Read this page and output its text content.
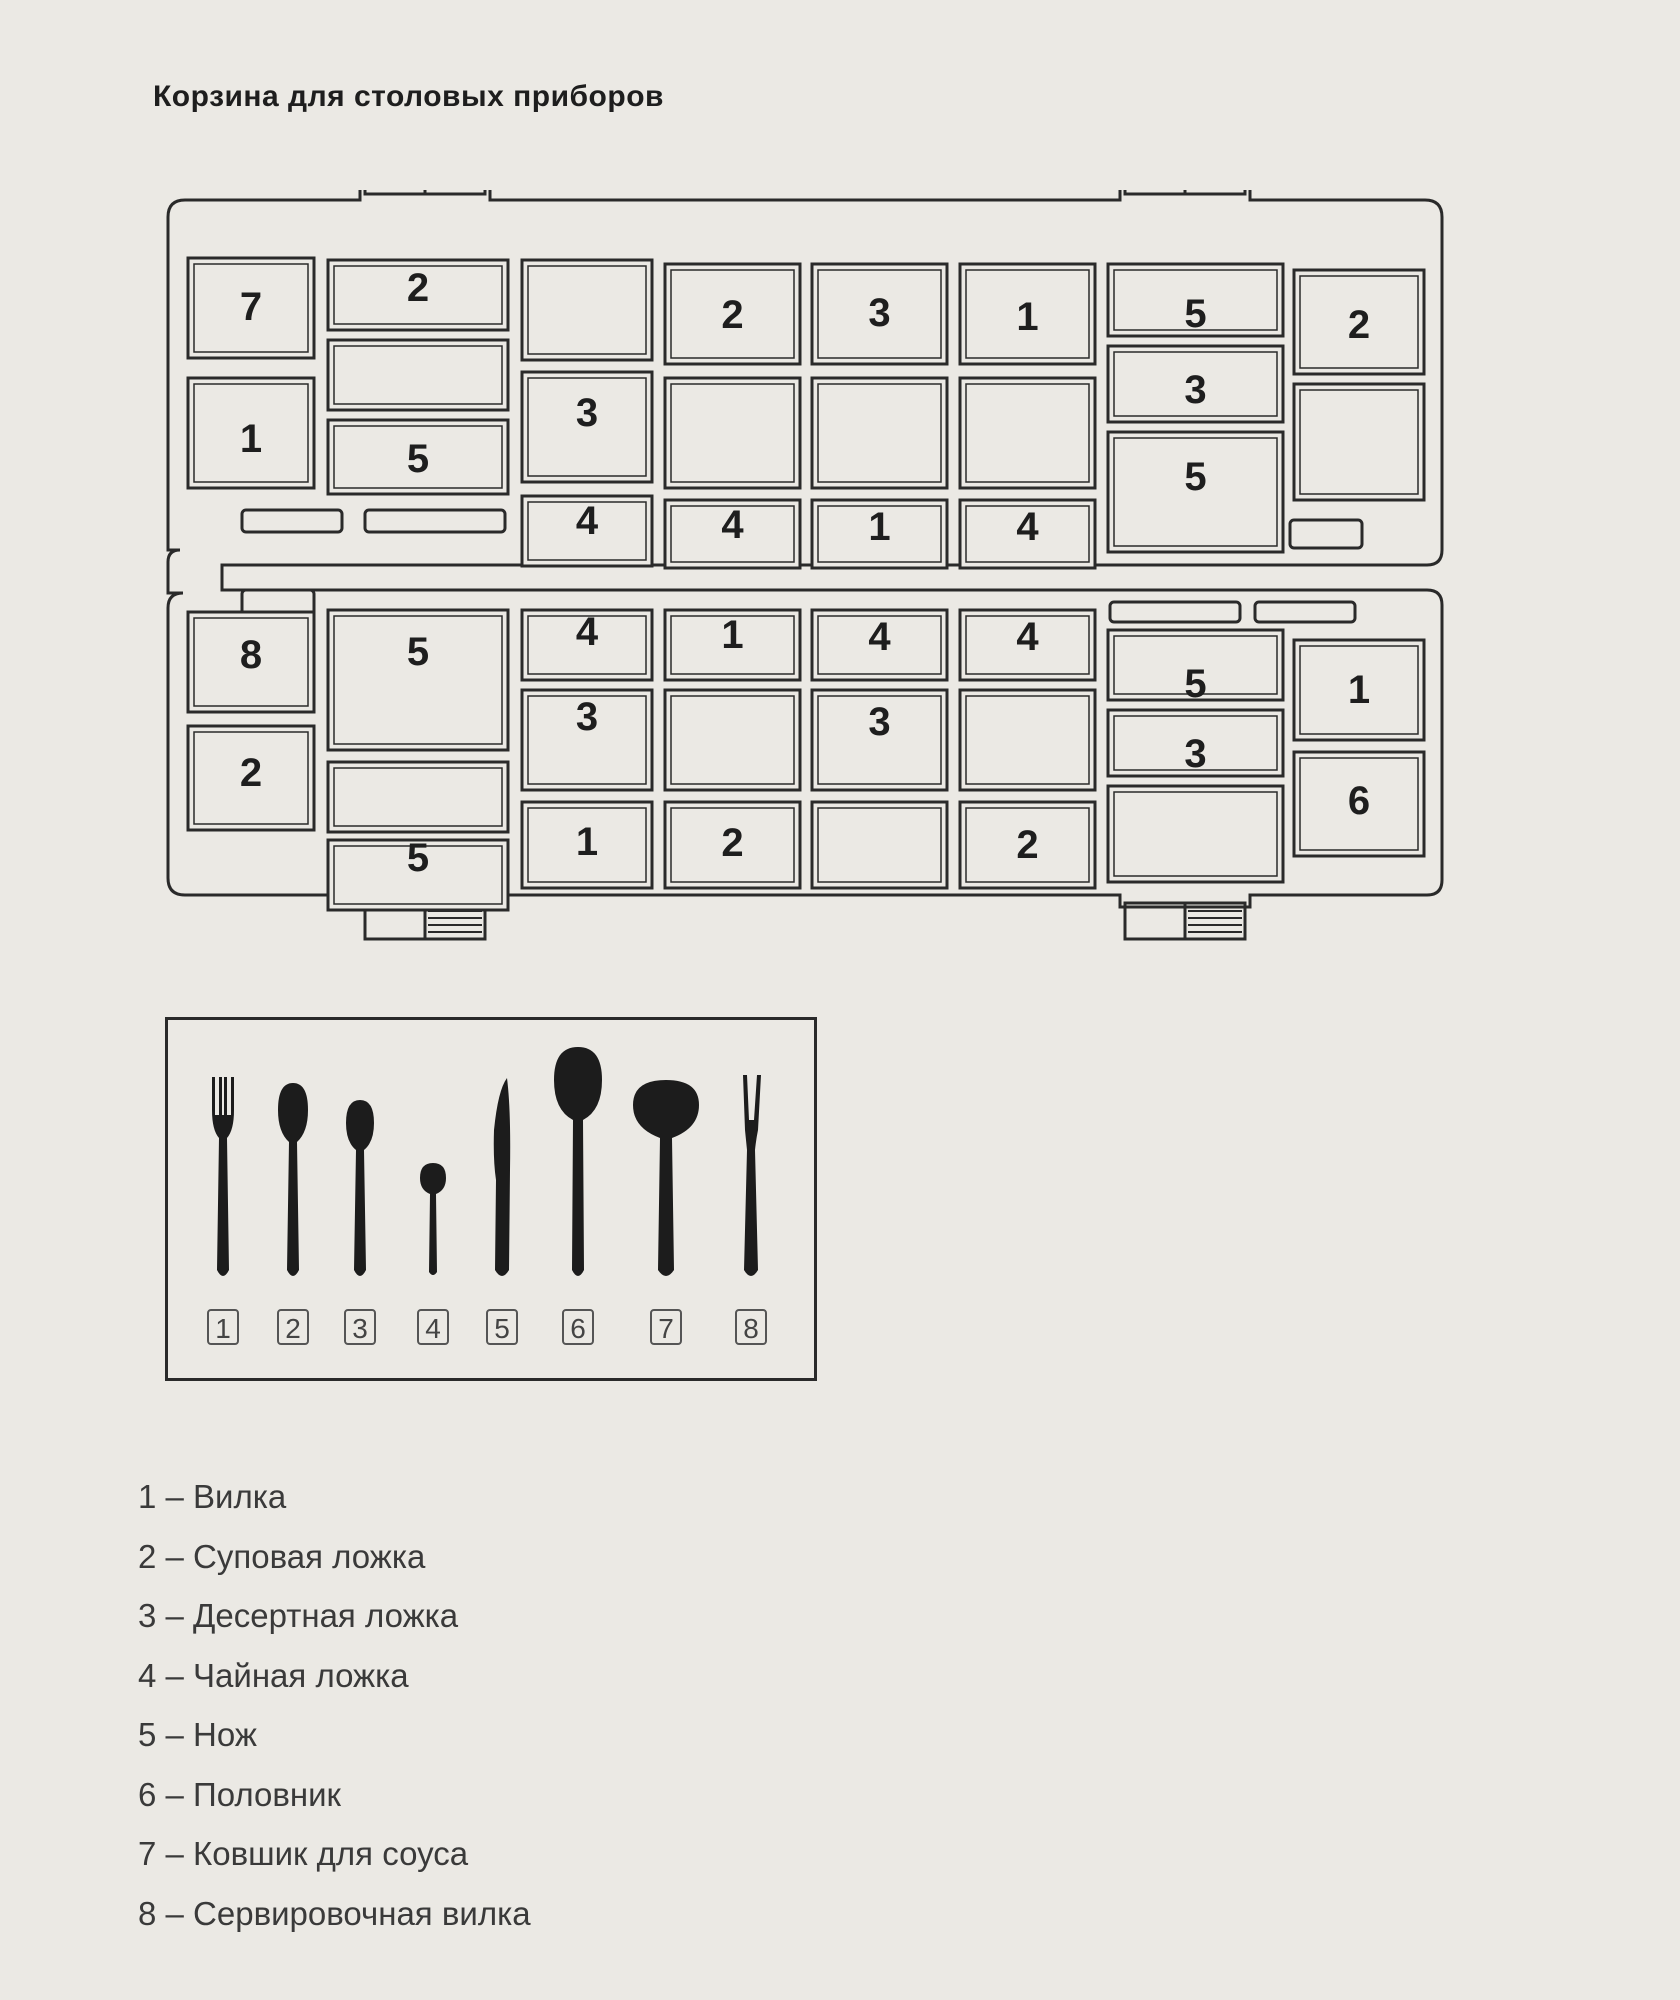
Корзина для столовых приборов
7
1
2
5
3
4
2
4
3
1
1
4
5
3
5
2
8
2
5
5
4
3
1
1
2
4
3
4
2
5
3
1
6
1 2 3 4 5 6	7 8
1 – Вилка
2 – Суповая ложка
3 – Десертная ложка
4 – Чайная ложка
5 – Нож
6 – Половник
7 – Ковшик для соуса
8 – Сервировочная вилка
